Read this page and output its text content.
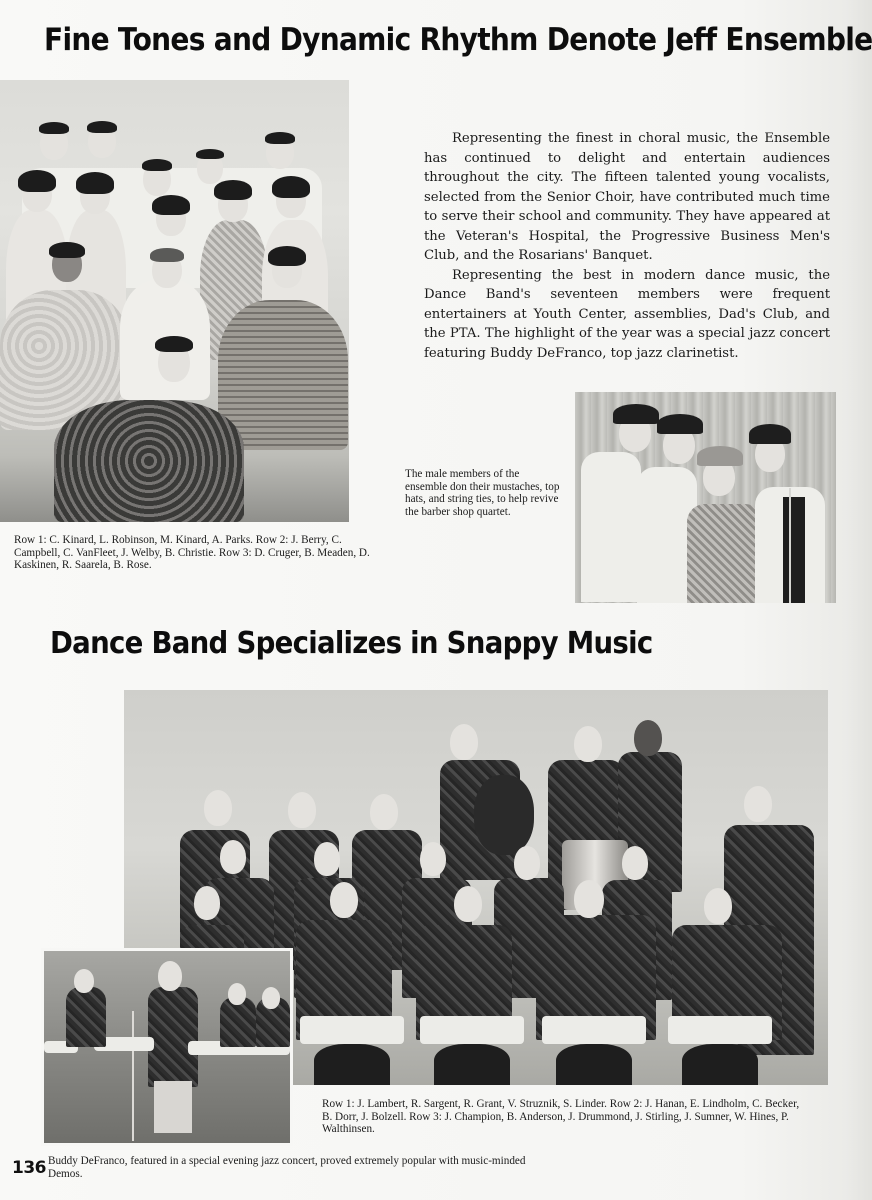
Fine Tones and Dynamic Rhythm Denote Jeff Ensemble
Row 1: C. Kinard, L. Robinson, M. Kinard, A. Parks. Row 2: J. Berry, C. Campbell, C. VanFleet, J. Welby, B. Christie. Row 3: D. Cruger, B. Meaden, D. Kaskinen, R. Saarela, B. Rose.

Representing the finest in choral music, the Ensemble has continued to delight and entertain audiences throughout the city. The fifteen talented young vocalists, selected from the Senior Choir, have contributed much time to serve their school and community. They have appeared at the Veteran's Hospital, the Progressive Business Men's Club, and the Rosarians' Banquet.

Representing the best in modern dance music, the Dance Band's seventeen members were frequent entertainers at Youth Center, assemblies, Dad's Club, and the PTA. The highlight of the year was a special jazz concert featuring Buddy DeFranco, top jazz clarinetist.

The male members of the ensemble don their mustaches, top hats, and string ties, to help revive the barber shop quartet.
Dance Band Specializes in Snappy Music
Row 1: J. Lambert, R. Sargent, R. Grant, V. Struznik, S. Linder. Row 2: J. Hanan, E. Lindholm, C. Becker, B. Dorr, J. Bolzell. Row 3: J. Champion, B. Anderson, J. Drummond, J. Stirling, J. Sumner, W. Hines, P. Walthinsen.
136 Buddy DeFranco, featured in a special evening jazz concert, proved extremely popular with music-minded Demos.
